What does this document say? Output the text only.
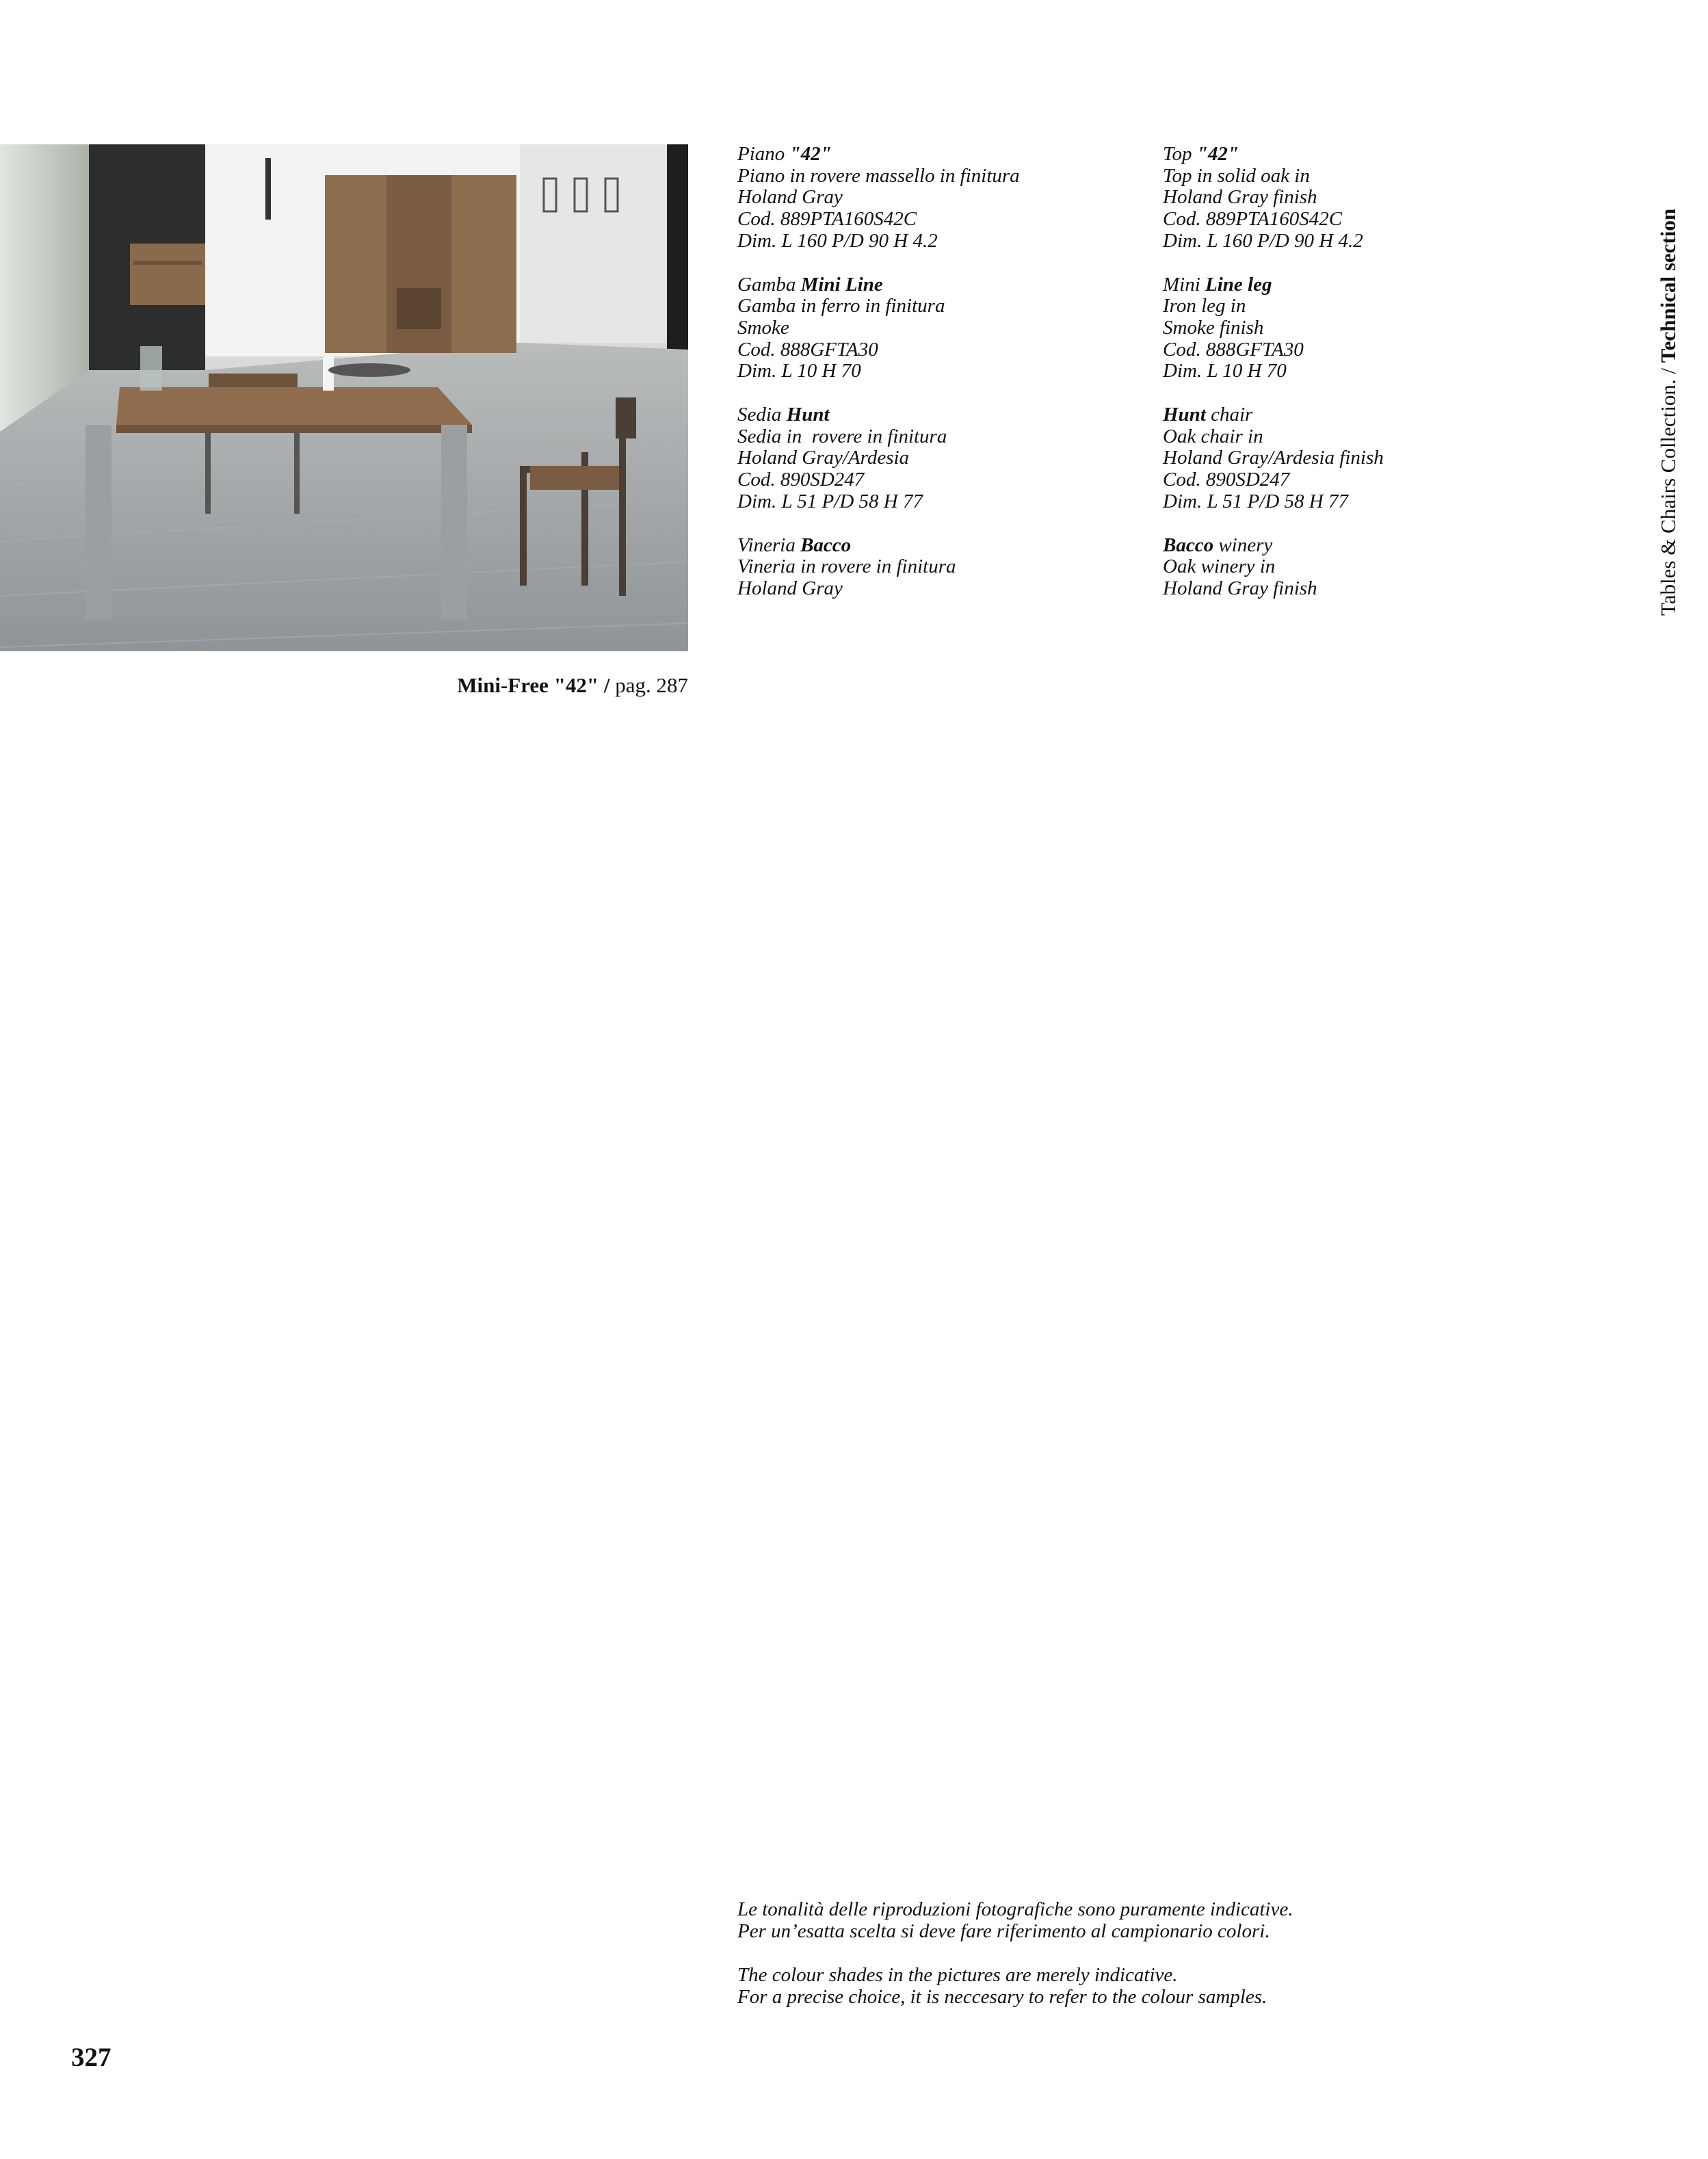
Mini-Free "42" / pag. 287
Piano "42"
Piano in rovere massello in finitura
Holand Gray
Cod. 889PTA160S42C
Dim. L 160 P/D 90 H 4.2
Gamba Mini Line
Gamba in ferro in finitura
Smoke
Cod. 888GFTA30
Dim. L 10 H 70
Sedia Hunt
Sedia in  rovere in finitura
Holand Gray/Ardesia
Cod. 890SD247
Dim. L 51 P/D 58 H 77
Vineria Bacco
Vineria in rovere in finitura
Holand Gray
Top "42"
Top in solid oak in
Holand Gray finish
Cod. 889PTA160S42C
Dim. L 160 P/D 90 H 4.2
Mini Line leg
Iron leg in
Smoke finish
Cod. 888GFTA30
Dim. L 10 H 70
Hunt chair
Oak chair in
Holand Gray/Ardesia finish
Cod. 890SD247
Dim. L 51 P/D 58 H 77
Bacco winery
Oak winery in
Holand Gray finish	Tables & Chairs Collection. / Technical section
Le tonalità delle riproduzioni fotografiche sono puramente indicative.
Per un’esatta scelta si deve fare riferimento al campionario colori.
The colour shades in the pictures are merely indicative.
For a precise choice, it is neccesary to refer to the colour samples.
327
